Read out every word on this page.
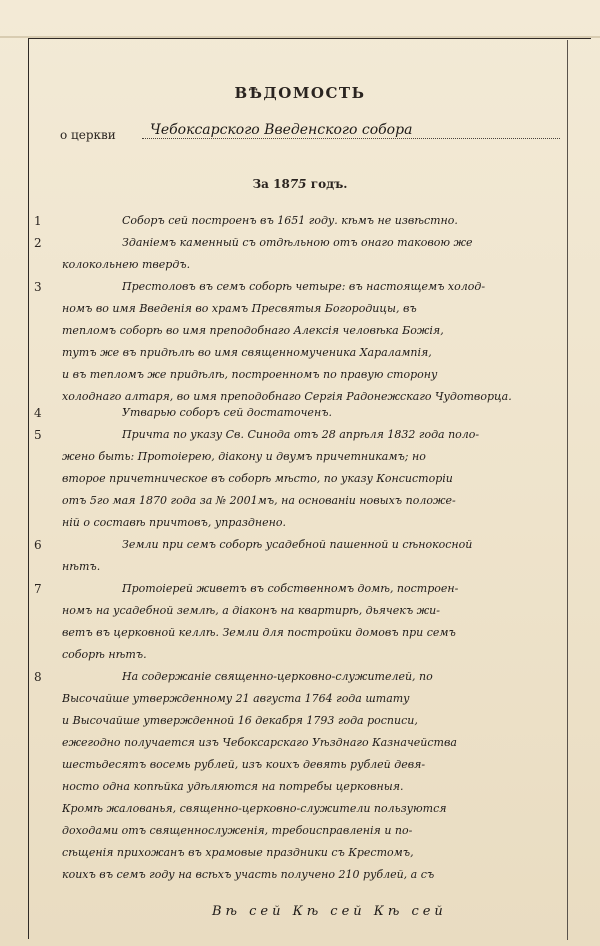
ВѢДОМОСТЬ
о церкви	Чебоксарского Введенского собора
За 1875 годъ.
1	Соборъ сей построенъ въ 1651 году. кѣмъ не извѣстно.
2	Зданіемъ каменный съ отдѣльною отъ онаго таковою же
колокольнею твердъ.
3	Престоловъ въ семъ соборѣ четыре: въ настоящемъ холод-
номъ во имя Введенія во храмъ Пресвятыя Богородицы, въ
тепломъ соборѣ во имя преподобнаго Алексія человѣка Божія,
тутъ же въ придѣлѣ во имя священномученика Харалампія,
и въ тепломъ же придѣлѣ, построенномъ по правую сторону
холоднаго алтаря, во имя преподобнаго Сергія Радонежскаго Чудотворца.
4	Утварью соборъ сей достаточенъ.
5	Причта по указу Св. Синода отъ 28 апрѣля 1832 года поло-
жено быть: Протоіерею, діакону и двумъ причетникамъ; но
второе причетническое въ соборѣ мѣсто, по указу Консисторіи
отъ 5го мая 1870 года за № 2001мъ, на основаніи новыхъ положе-
ній о составѣ причтовъ, упразднено.
6	Земли при семъ соборѣ усадебной пашенной и сѣнокосной
нѣтъ.
7	Протоіерей живетъ въ собственномъ домѣ, построен-
номъ на усадебной землѣ, а діаконъ на квартирѣ, дьячекъ жи-
ветъ въ церковной келлѣ. Земли для постройки домовъ при семъ
соборѣ нѣтъ.
8	На содержаніе священно-церковно-служителей, по
Высочайше утвержденному 21 августа 1764 года штату
и Высочайше утвержденной 16 декабря 1793 года росписи,
ежегодно получается изъ Чебоксарскаго Уѣзднаго Казначейства
шестьдесятъ восемь рублей, изъ коихъ девять рублей девя-
носто одна копѣйка удѣляются на потребы церковныя.
Кромѣ жалованья, священно-церковно-служители пользуются
доходами отъ священнослуженія, требоисправленія и по-
сѣщенія прихожанъ въ храмовые праздники съ Крестомъ,
коихъ въ семъ году на всѣхъ участь получено 210 рублей, а съ
Вѣ сей Кѣ сей Кѣ сей
